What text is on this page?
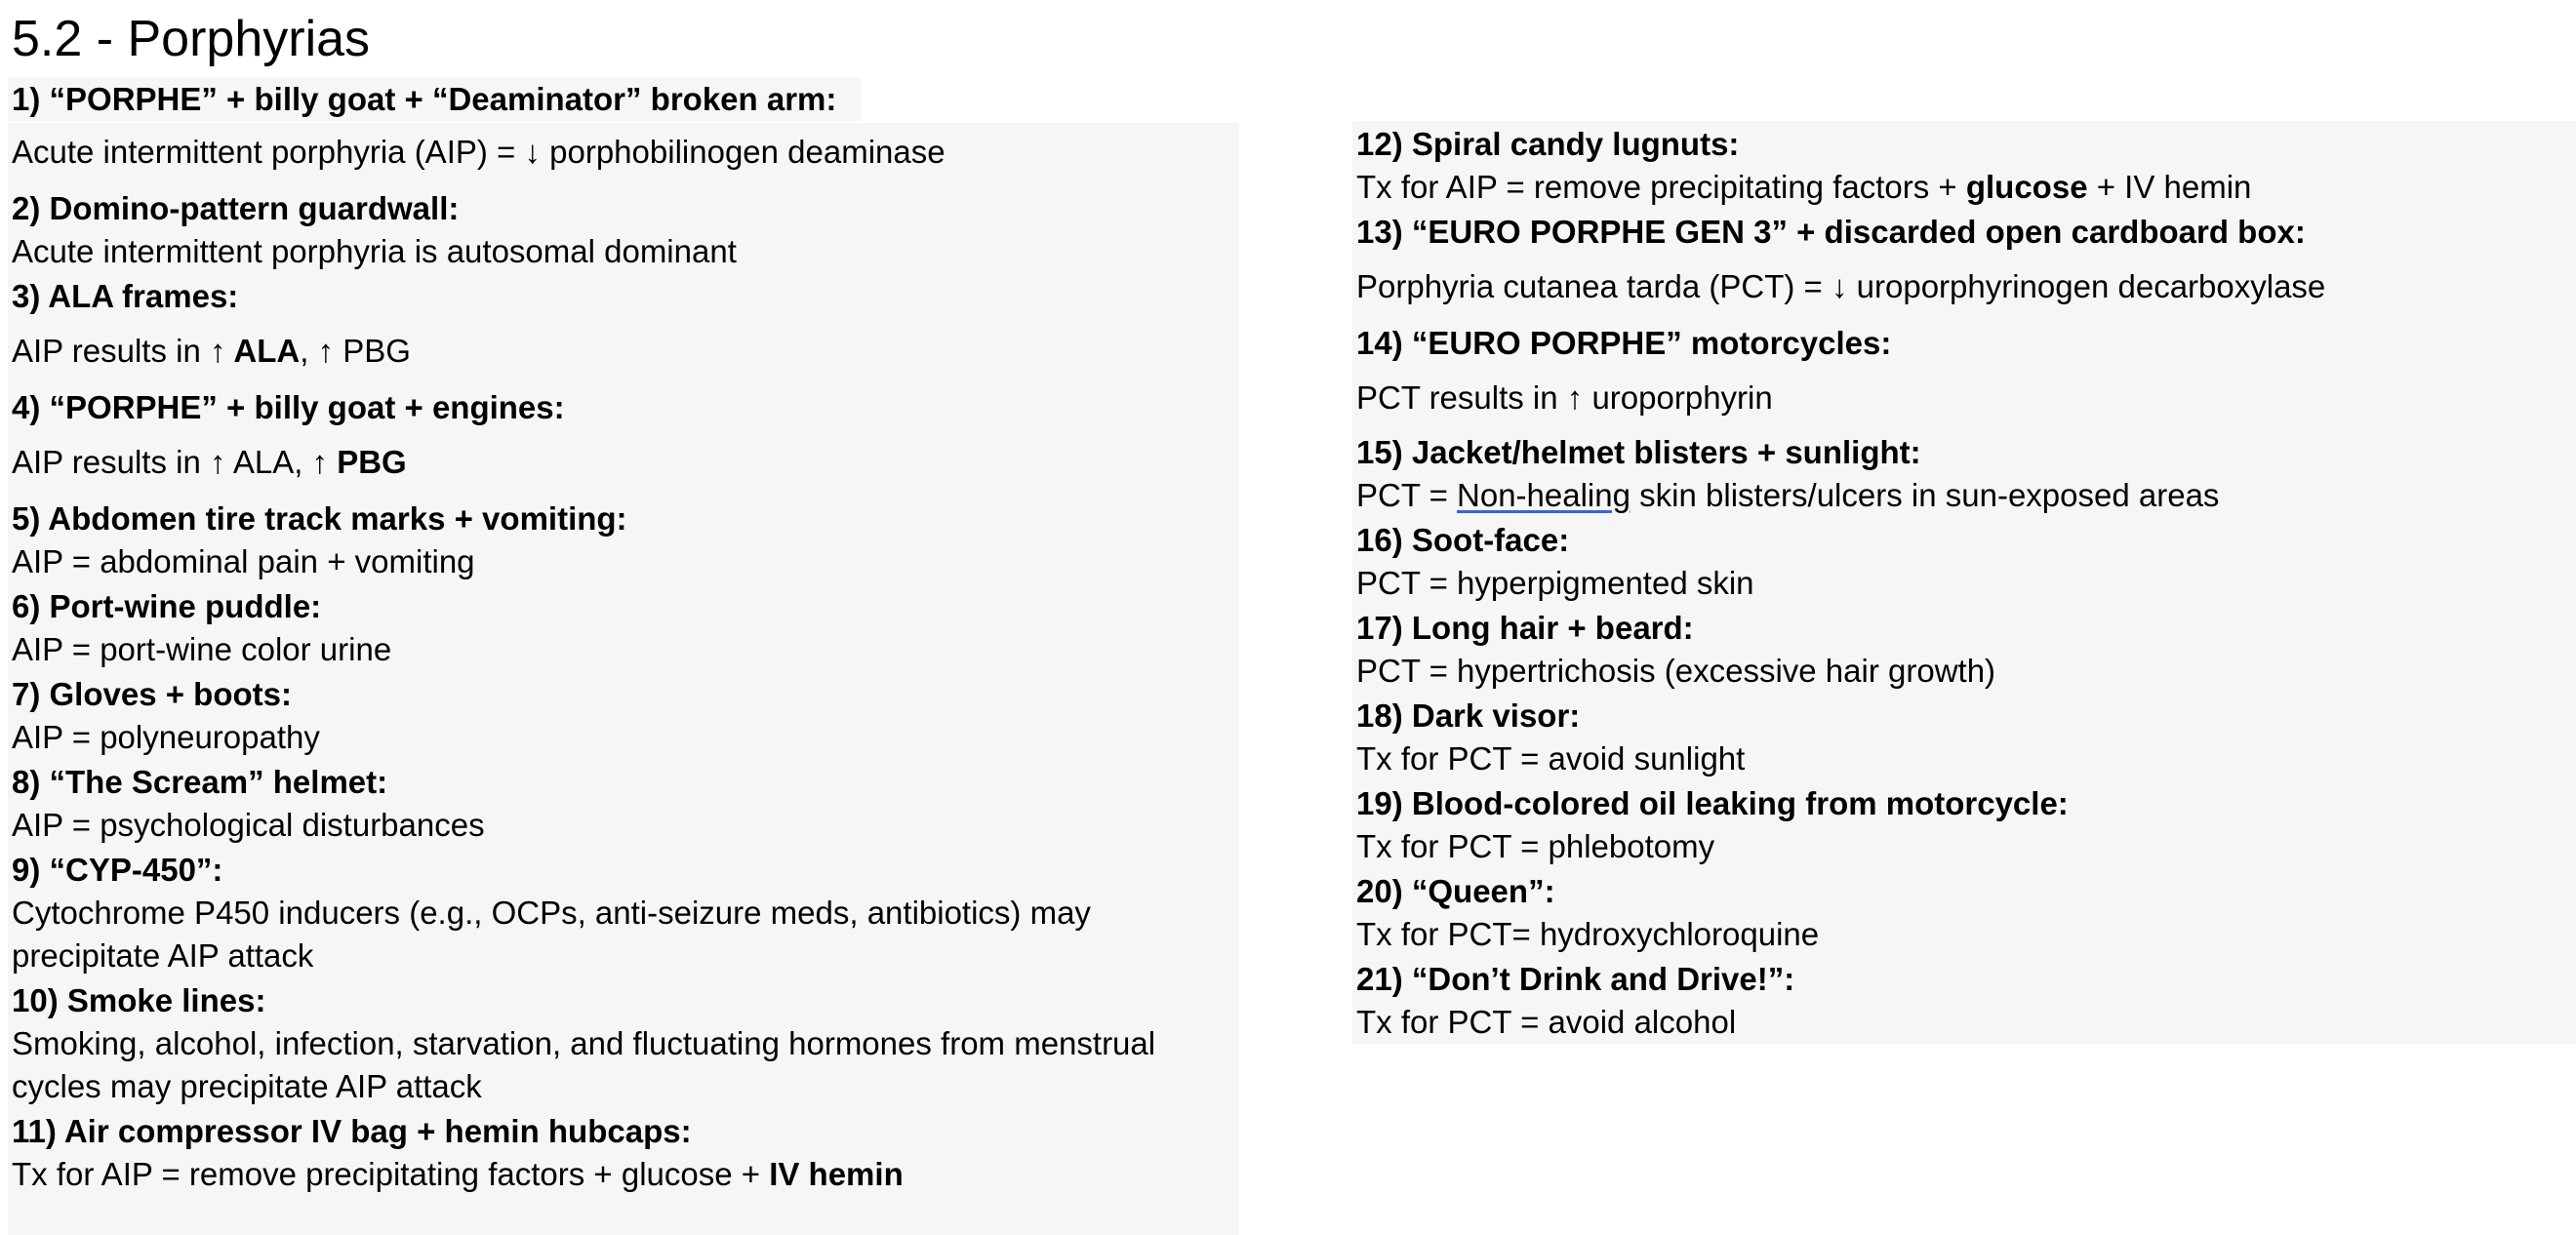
5.2 - Porphyrias
1) “PORPHE” + billy goat + “Deaminator” broken arm:
Acute intermittent porphyria (AIP) = ↓ porphobilinogen deaminase
2) Domino-pattern guardwall:
Acute intermittent porphyria is autosomal dominant
3) ALA frames:
AIP results in ↑ ALA, ↑ PBG
4) “PORPHE” + billy goat + engines:
AIP results in ↑ ALA, ↑ PBG
5) Abdomen tire track marks + vomiting:
AIP = abdominal pain + vomiting
6) Port-wine puddle:
AIP = port-wine color urine
7) Gloves + boots:
AIP = polyneuropathy
8) “The Scream” helmet:
AIP = psychological disturbances
9) “CYP-450”:
Cytochrome P450 inducers (e.g., OCPs, anti-seizure meds, antibiotics) may
precipitate AIP attack
10) Smoke lines:
Smoking, alcohol, infection, starvation, and fluctuating hormones from menstrual
cycles may precipitate AIP attack
11) Air compressor IV bag + hemin hubcaps:
Tx for AIP = remove precipitating factors + glucose + IV hemin
12) Spiral candy lugnuts:
Tx for AIP = remove precipitating factors + glucose + IV hemin
13) “EURO PORPHE GEN 3” + discarded open cardboard box:
Porphyria cutanea tarda (PCT) = ↓ uroporphyrinogen decarboxylase
14) “EURO PORPHE” motorcycles:
PCT results in ↑ uroporphyrin
15) Jacket/helmet blisters + sunlight:
PCT = Non-healing skin blisters/ulcers in sun-exposed areas
16) Soot-face:
PCT = hyperpigmented skin
17) Long hair + beard:
PCT = hypertrichosis (excessive hair growth)
18) Dark visor:
Tx for PCT = avoid sunlight
19) Blood-colored oil leaking from motorcycle:
Tx for PCT = phlebotomy
20) “Queen”:
Tx for PCT= hydroxychloroquine
21) “Don’t Drink and Drive!”:
Tx for PCT = avoid alcohol
